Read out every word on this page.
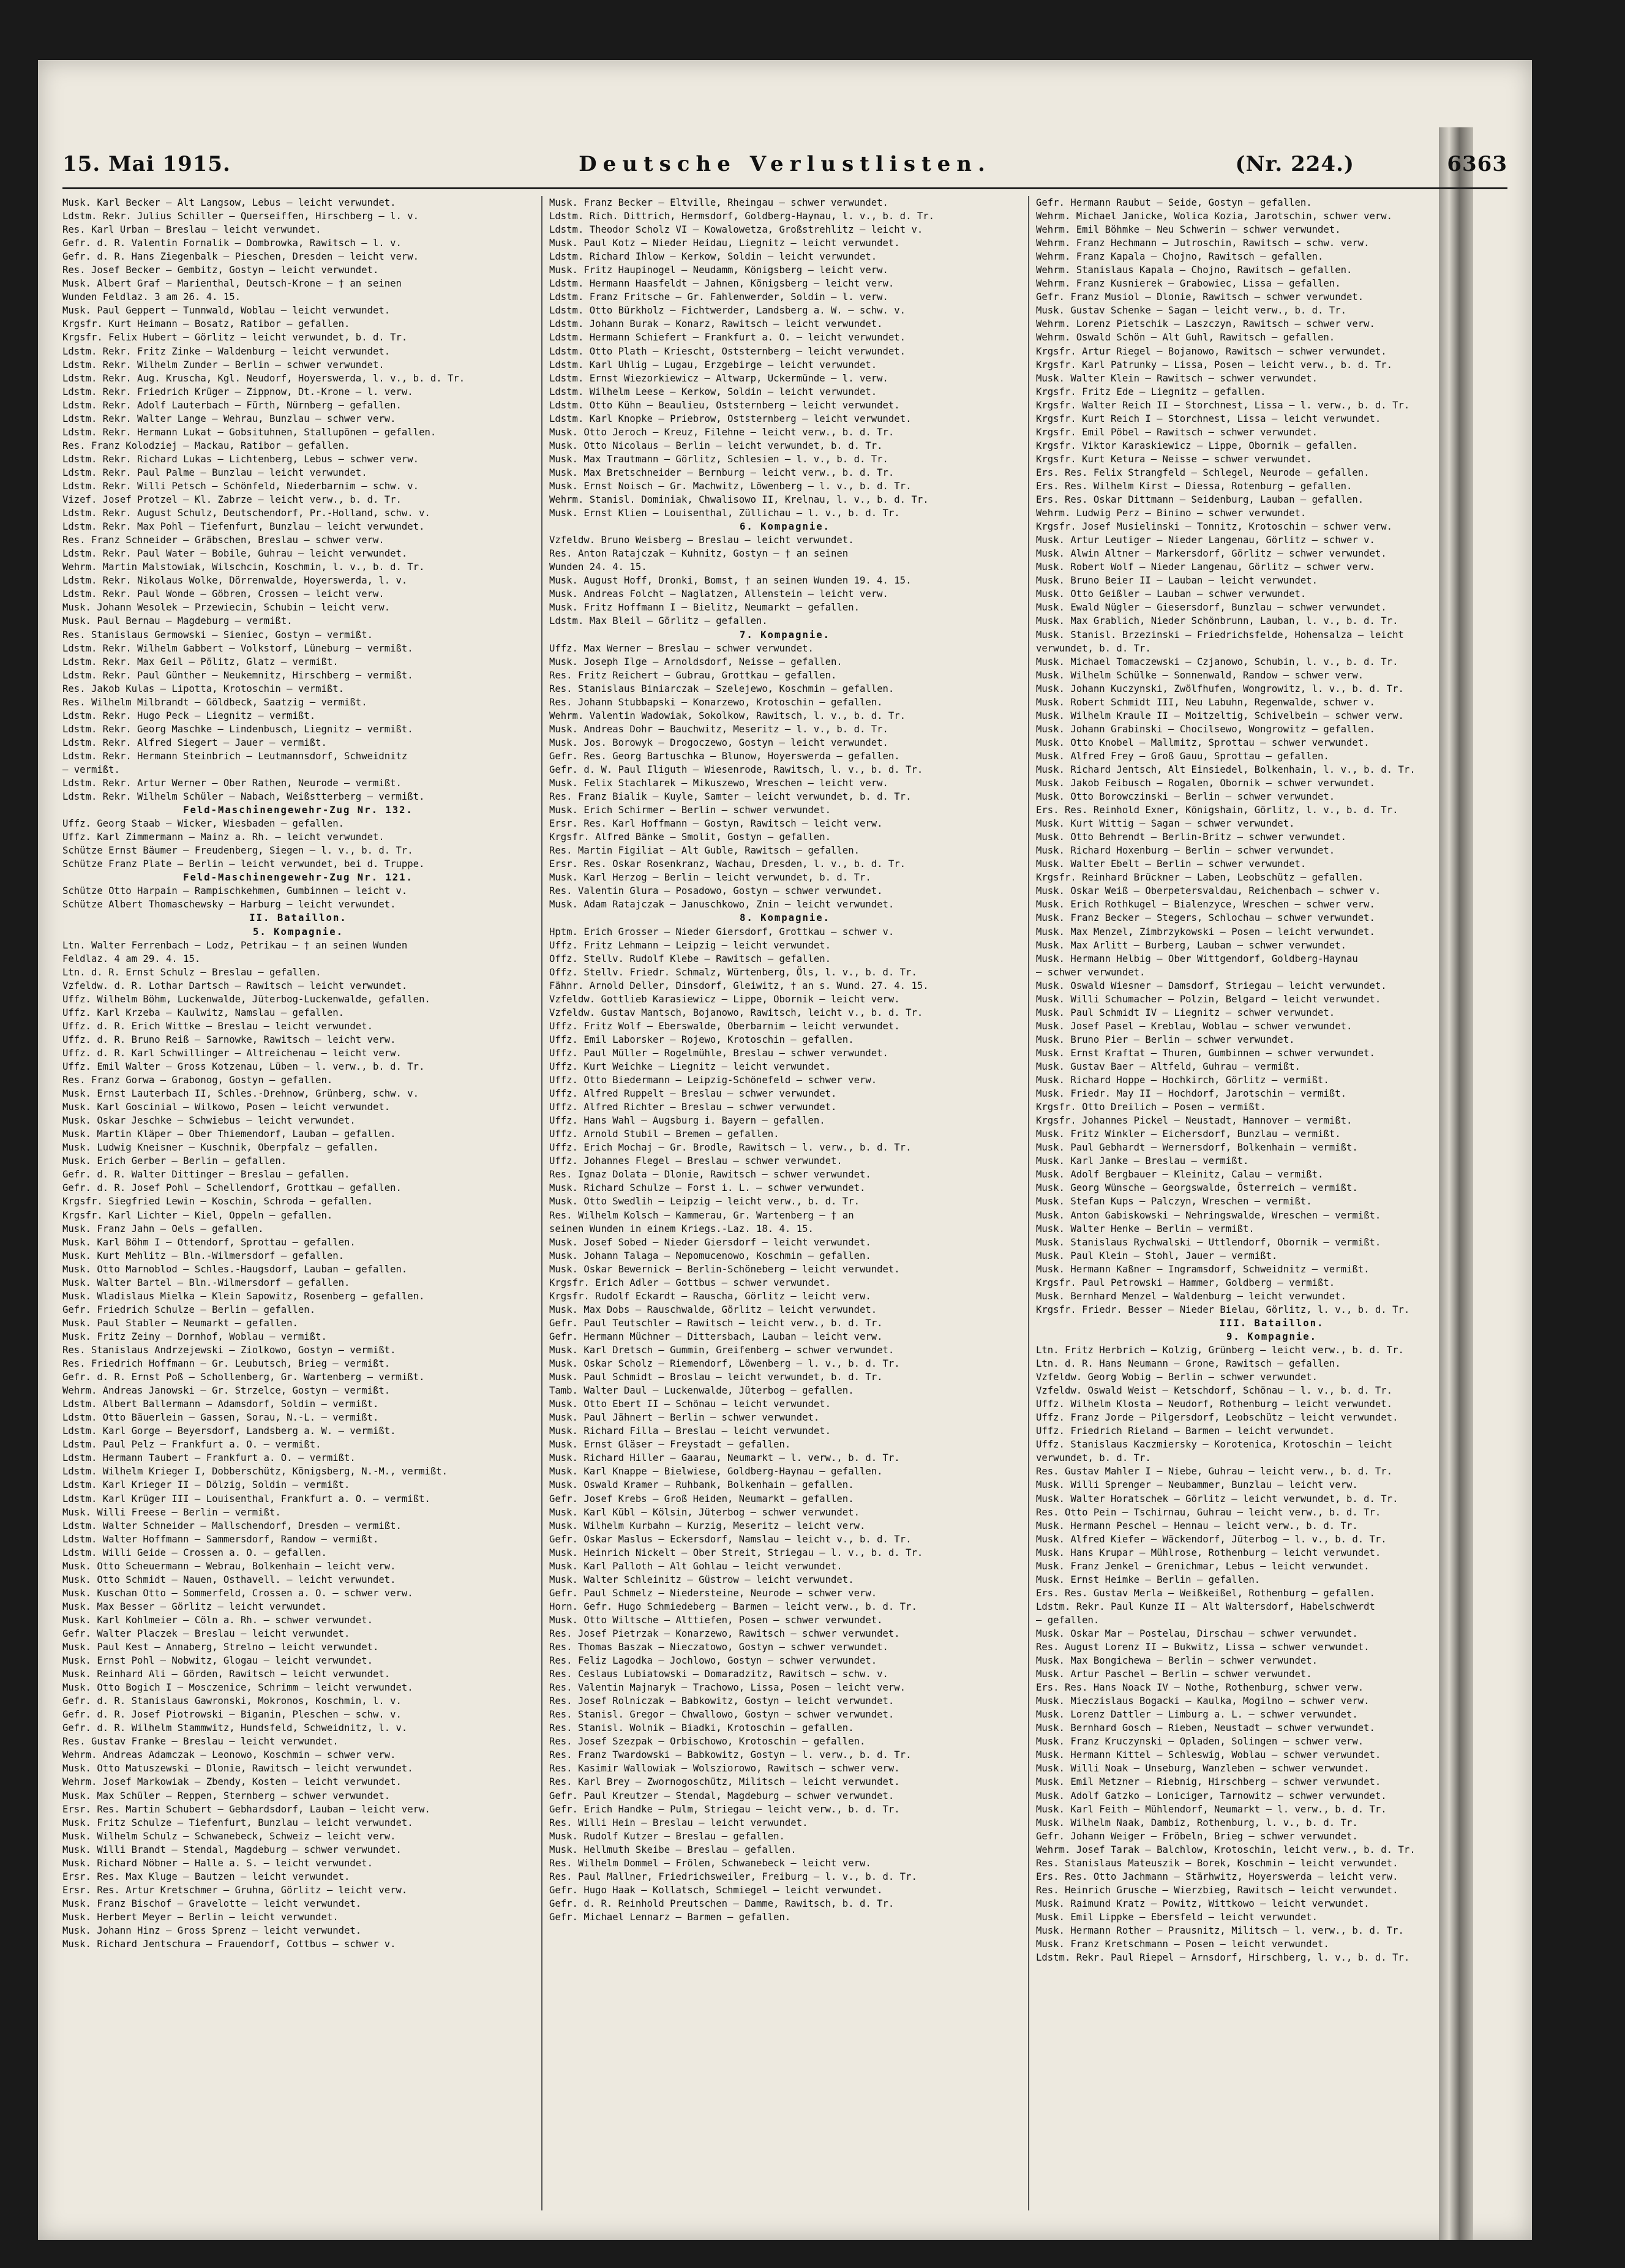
15. Mai 1915.	Deutsche Verlustlisten.	(Nr. 224.)	6363
Musk. Karl Becker — Alt Langsow, Lebus — leicht verwundet.
Ldstm. Rekr. Julius Schiller — Querseiffen, Hirschberg — l. v.
Res. Karl Urban — Breslau — leicht verwundet.
Gefr. d. R. Valentin Fornalik — Dombrowka, Rawitsch — l. v.
Gefr. d. R. Hans Ziegenbalk — Pieschen, Dresden — leicht verw.
Res. Josef Becker — Gembitz, Gostyn — leicht verwundet.
Musk. Albert Graf — Marienthal, Deutsch-Krone — † an seinen
Wunden Feldlaz. 3 am 26. 4. 15.
Musk. Paul Geppert — Tunnwald, Woblau — leicht verwundet.
Krgsfr. Kurt Heimann — Bosatz, Ratibor — gefallen.
Krgsfr. Felix Hubert — Görlitz — leicht verwundet, b. d. Tr.
Ldstm. Rekr. Fritz Zinke — Waldenburg — leicht verwundet.
Ldstm. Rekr. Wilhelm Zunder — Berlin — schwer verwundet.
Ldstm. Rekr. Aug. Kruscha, Kgl. Neudorf, Hoyerswerda, l. v., b. d. Tr.
Ldstm. Rekr. Friedrich Krüger — Zippnow, Dt.-Krone — l. verw.
Ldstm. Rekr. Adolf Lauterbach — Fürth, Nürnberg — gefallen.
Ldstm. Rekr. Walter Lange — Wehrau, Bunzlau — schwer verw.
Ldstm. Rekr. Hermann Lukat — Gobsituhnen, Stallupönen — gefallen.
Res. Franz Kolodziej — Mackau, Ratibor — gefallen.
Ldstm. Rekr. Richard Lukas — Lichtenberg, Lebus — schwer verw.
Ldstm. Rekr. Paul Palme — Bunzlau — leicht verwundet.
Ldstm. Rekr. Willi Petsch — Schönfeld, Niederbarnim — schw. v.
Vizef. Josef Protzel — Kl. Zabrze — leicht verw., b. d. Tr.
Ldstm. Rekr. August Schulz, Deutschendorf, Pr.-Holland, schw. v.
Ldstm. Rekr. Max Pohl — Tiefenfurt, Bunzlau — leicht verwundet.
Res. Franz Schneider — Gräbschen, Breslau — schwer verw.
Ldstm. Rekr. Paul Water — Bobile, Guhrau — leicht verwundet.
Wehrm. Martin Malstowiak, Wilschcin, Koschmin, l. v., b. d. Tr.
Ldstm. Rekr. Nikolaus Wolke, Dörrenwalde, Hoyerswerda, l. v.
Ldstm. Rekr. Paul Wonde — Göbren, Crossen — leicht verw.
Musk. Johann Wesolek — Przewiecin, Schubin — leicht verw.
Musk. Paul Bernau — Magdeburg — vermißt.
Res. Stanislaus Germowski — Sieniec, Gostyn — vermißt.
Ldstm. Rekr. Wilhelm Gabbert — Volkstorf, Lüneburg — vermißt.
Ldstm. Rekr. Max Geil — Pölitz, Glatz — vermißt.
Ldstm. Rekr. Paul Günther — Neukemnitz, Hirschberg — vermißt.
Res. Jakob Kulas — Lipotta, Krotoschin — vermißt.
Res. Wilhelm Milbrandt — Göldbeck, Saatzig — vermißt.
Ldstm. Rekr. Hugo Peck — Liegnitz — vermißt.
Ldstm. Rekr. Georg Maschke — Lindenbusch, Liegnitz — vermißt.
Ldstm. Rekr. Alfred Siegert — Jauer — vermißt.
Ldstm. Rekr. Hermann Steinbrich — Leutmannsdorf, Schweidnitz
— vermißt.
Ldstm. Rekr. Artur Werner — Ober Rathen, Neurode — vermißt.
Ldstm. Rekr. Wilhelm Schüler — Nabach, Weißstterberg — vermißt.
Feld-Maschinengewehr-Zug Nr. 132.
Uffz. Georg Staab — Wicker, Wiesbaden — gefallen.
Uffz. Karl Zimmermann — Mainz a. Rh. — leicht verwundet.
Schütze Ernst Bäumer — Freudenberg, Siegen — l. v., b. d. Tr.
Schütze Franz Plate — Berlin — leicht verwundet, bei d. Truppe.
Feld-Maschinengewehr-Zug Nr. 121.
Schütze Otto Harpain — Rampischkehmen, Gumbinnen — leicht v.
Schütze Albert Thomaschewsky — Harburg — leicht verwundet.
II. Bataillon.
5. Kompagnie.
Ltn. Walter Ferrenbach — Lodz, Petrikau — † an seinen Wunden
Feldlaz. 4 am 29. 4. 15.
Ltn. d. R. Ernst Schulz — Breslau — gefallen.
Vzfeldw. d. R. Lothar Dartsch — Rawitsch — leicht verwundet.
Uffz. Wilhelm Böhm, Luckenwalde, Jüterbog-Luckenwalde, gefallen.
Uffz. Karl Krzeba — Kaulwitz, Namslau — gefallen.
Uffz. d. R. Erich Wittke — Breslau — leicht verwundet.
Uffz. d. R. Bruno Reiß — Sarnowke, Rawitsch — leicht verw.
Uffz. d. R. Karl Schwillinger — Altreichenau — leicht verw.
Uffz. Emil Walter — Gross Kotzenau, Lüben — l. verw., b. d. Tr.
Res. Franz Gorwa — Grabonog, Gostyn — gefallen.
Musk. Ernst Lauterbach II, Schles.-Drehnow, Grünberg, schw. v.
Musk. Karl Goscinial — Wilkowo, Posen — leicht verwundet.
Musk. Oskar Jeschke — Schwiebus — leicht verwundet.
Musk. Martin Kläper — Ober Thiemendorf, Lauban — gefallen.
Musk. Ludwig Kneisner — Kuschnik, Oberpfalz — gefallen.
Musk. Erich Gerber — Berlin — gefallen.
Gefr. d. R. Walter Dittinger — Breslau — gefallen.
Gefr. d. R. Josef Pohl — Schellendorf, Grottkau — gefallen.
Krgsfr. Siegfried Lewin — Koschin, Schroda — gefallen.
Krgsfr. Karl Lichter — Kiel, Oppeln — gefallen.
Musk. Franz Jahn — Oels — gefallen.
Musk. Karl Böhm I — Ottendorf, Sprottau — gefallen.
Musk. Kurt Mehlitz — Bln.-Wilmersdorf — gefallen.
Musk. Otto Marnoblod — Schles.-Haugsdorf, Lauban — gefallen.
Musk. Walter Bartel — Bln.-Wilmersdorf — gefallen.
Musk. Wladislaus Mielka — Klein Sapowitz, Rosenberg — gefallen.
Gefr. Friedrich Schulze — Berlin — gefallen.
Musk. Paul Stabler — Neumarkt — gefallen.
Musk. Fritz Zeiny — Dornhof, Woblau — vermißt.
Res. Stanislaus Andrzejewski — Ziolkowo, Gostyn — vermißt.
Res. Friedrich Hoffmann — Gr. Leubutsch, Brieg — vermißt.
Gefr. d. R. Ernst Poß — Schollenberg, Gr. Wartenberg — vermißt.
Wehrm. Andreas Janowski — Gr. Strzelce, Gostyn — vermißt.
Ldstm. Albert Ballermann — Adamsdorf, Soldin — vermißt.
Ldstm. Otto Bäuerlein — Gassen, Sorau, N.-L. — vermißt.
Ldstm. Karl Gorge — Beyersdorf, Landsberg a. W. — vermißt.
Ldstm. Paul Pelz — Frankfurt a. O. — vermißt.
Ldstm. Hermann Taubert — Frankfurt a. O. — vermißt.
Ldstm. Wilhelm Krieger I, Dobberschütz, Königsberg, N.-M., vermißt.
Ldstm. Karl Krieger II — Dölzig, Soldin — vermißt.
Ldstm. Karl Krüger III — Louisenthal, Frankfurt a. O. — vermißt.
Musk. Willi Freese — Berlin — vermißt.
Ldstm. Walter Schneider — Mallschendorf, Dresden — vermißt.
Ldstm. Walter Hoffmann — Sammersdorf, Randow — vermißt.
Ldstm. Willi Geide — Crossen a. O. — gefallen.
Musk. Otto Scheuermann — Webrau, Bolkenhain — leicht verw.
Musk. Otto Schmidt — Nauen, Osthavell. — leicht verwundet.
Musk. Kuschan Otto — Sommerfeld, Crossen a. O. — schwer verw.
Musk. Max Besser — Görlitz — leicht verwundet.
Musk. Karl Kohlmeier — Cöln a. Rh. — schwer verwundet.
Gefr. Walter Placzek — Breslau — leicht verwundet.
Musk. Paul Kest — Annaberg, Strelno — leicht verwundet.
Musk. Ernst Pohl — Nobwitz, Glogau — leicht verwundet.
Musk. Reinhard Ali — Görden, Rawitsch — leicht verwundet.
Musk. Otto Bogich I — Mosczenice, Schrimm — leicht verwundet.
Gefr. d. R. Stanislaus Gawronski, Mokronos, Koschmin, l. v.
Gefr. d. R. Josef Piotrowski — Biganin, Pleschen — schw. v.
Gefr. d. R. Wilhelm Stammwitz, Hundsfeld, Schweidnitz, l. v.
Res. Gustav Franke — Breslau — leicht verwundet.
Wehrm. Andreas Adamczak — Leonowo, Koschmin — schwer verw.
Musk. Otto Matuszewski — Dlonie, Rawitsch — leicht verwundet.
Wehrm. Josef Markowiak — Zbendy, Kosten — leicht verwundet.
Musk. Max Schüler — Reppen, Sternberg — schwer verwundet.
Ersr. Res. Martin Schubert — Gebhardsdorf, Lauban — leicht verw.
Musk. Fritz Schulze — Tiefenfurt, Bunzlau — leicht verwundet.
Musk. Wilhelm Schulz — Schwanebeck, Schweiz — leicht verw.
Musk. Willi Brandt — Stendal, Magdeburg — schwer verwundet.
Musk. Richard Nöbner — Halle a. S. — leicht verwundet.
Ersr. Res. Max Kluge — Bautzen — leicht verwundet.
Ersr. Res. Artur Kretschmer — Gruhna, Görlitz — leicht verw.
Musk. Franz Bischof — Gravelotte — leicht verwundet.
Musk. Herbert Meyer — Berlin — leicht verwundet.
Musk. Johann Hinz — Gross Sprenz — leicht verwundet.
Musk. Richard Jentschura — Frauendorf, Cottbus — schwer v.
Musk. Franz Becker — Eltville, Rheingau — schwer verwundet.
Ldstm. Rich. Dittrich, Hermsdorf, Goldberg-Haynau, l. v., b. d. Tr.
Ldstm. Theodor Scholz VI — Kowalowetza, Großstrehlitz — leicht v.
Musk. Paul Kotz — Nieder Heidau, Liegnitz — leicht verwundet.
Ldstm. Richard Ihlow — Kerkow, Soldin — leicht verwundet.
Musk. Fritz Haupinogel — Neudamm, Königsberg — leicht verw.
Ldstm. Hermann Haasfeldt — Jahnen, Königsberg — leicht verw.
Ldstm. Franz Fritsche — Gr. Fahlenwerder, Soldin — l. verw.
Ldstm. Otto Bürkholz — Fichtwerder, Landsberg a. W. — schw. v.
Ldstm. Johann Burak — Konarz, Rawitsch — leicht verwundet.
Ldstm. Hermann Schiefert — Frankfurt a. O. — leicht verwundet.
Ldstm. Otto Plath — Kriescht, Oststernberg — leicht verwundet.
Ldstm. Karl Uhlig — Lugau, Erzgebirge — leicht verwundet.
Ldstm. Ernst Wiezorkiewicz — Altwarp, Uckermünde — l. verw.
Ldstm. Wilhelm Leese — Kerkow, Soldin — leicht verwundet.
Ldstm. Otto Kühn — Beaulieu, Oststernberg — leicht verwundet.
Ldstm. Karl Knopke — Priebrow, Oststernberg — leicht verwundet.
Musk. Otto Jeroch — Kreuz, Filehne — leicht verw., b. d. Tr.
Musk. Otto Nicolaus — Berlin — leicht verwundet, b. d. Tr.
Musk. Max Trautmann — Görlitz, Schlesien — l. v., b. d. Tr.
Musk. Max Bretschneider — Bernburg — leicht verw., b. d. Tr.
Musk. Ernst Noisch — Gr. Machwitz, Löwenberg — l. v., b. d. Tr.
Wehrm. Stanisl. Dominiak, Chwalisowo II, Krelnau, l. v., b. d. Tr.
Musk. Ernst Klien — Louisenthal, Züllichau — l. v., b. d. Tr.
6. Kompagnie.
Vzfeldw. Bruno Weisberg — Breslau — leicht verwundet.
Res. Anton Ratajczak — Kuhnitz, Gostyn — † an seinen
Wunden 24. 4. 15.
Musk. August Hoff, Dronki, Bomst, † an seinen Wunden 19. 4. 15.
Musk. Andreas Folcht — Naglatzen, Allenstein — leicht verw.
Musk. Fritz Hoffmann I — Bielitz, Neumarkt — gefallen.
Ldstm. Max Bleil — Görlitz — gefallen.
7. Kompagnie.
Uffz. Max Werner — Breslau — schwer verwundet.
Musk. Joseph Ilge — Arnoldsdorf, Neisse — gefallen.
Res. Fritz Reichert — Gubrau, Grottkau — gefallen.
Res. Stanislaus Biniarczak — Szelejewo, Koschmin — gefallen.
Res. Johann Stubbapski — Konarzewo, Krotoschin — gefallen.
Wehrm. Valentin Wadowiak, Sokolkow, Rawitsch, l. v., b. d. Tr.
Musk. Andreas Dohr — Bauchwitz, Meseritz — l. v., b. d. Tr.
Musk. Jos. Borowyk — Drogoczewo, Gostyn — leicht verwundet.
Gefr. Res. Georg Bartuschka — Blunow, Hoyerswerda — gefallen.
Gefr. d. W. Paul Iliguth — Wiesenrode, Rawitsch, l. v., b. d. Tr.
Musk. Felix Stachlarek — Mikuszewo, Wreschen — leicht verw.
Res. Franz Bialik — Kuyle, Samter — leicht verwundet, b. d. Tr.
Musk. Erich Schirmer — Berlin — schwer verwundet.
Ersr. Res. Karl Hoffmann — Gostyn, Rawitsch — leicht verw.
Krgsfr. Alfred Bänke — Smolit, Gostyn — gefallen.
Res. Martin Figiliat — Alt Guble, Rawitsch — gefallen.
Ersr. Res. Oskar Rosenkranz, Wachau, Dresden, l. v., b. d. Tr.
Musk. Karl Herzog — Berlin — leicht verwundet, b. d. Tr.
Res. Valentin Glura — Posadowo, Gostyn — schwer verwundet.
Musk. Adam Ratajczak — Januschkowo, Znin — leicht verwundet.
8. Kompagnie.
Hptm. Erich Grosser — Nieder Giersdorf, Grottkau — schwer v.
Uffz. Fritz Lehmann — Leipzig — leicht verwundet.
Offz. Stellv. Rudolf Klebe — Rawitsch — gefallen.
Offz. Stellv. Friedr. Schmalz, Würtenberg, Öls, l. v., b. d. Tr.
Fähnr. Arnold Deller, Dinsdorf, Gleiwitz, † an s. Wund. 27. 4. 15.
Vzfeldw. Gottlieb Karasiewicz — Lippe, Obornik — leicht verw.
Vzfeldw. Gustav Mantsch, Bojanowo, Rawitsch, leicht v., b. d. Tr.
Uffz. Fritz Wolf — Eberswalde, Oberbarnim — leicht verwundet.
Uffz. Emil Laborsker — Rojewo, Krotoschin — gefallen.
Uffz. Paul Müller — Rogelmühle, Breslau — schwer verwundet.
Uffz. Kurt Weichke — Liegnitz — leicht verwundet.
Uffz. Otto Biedermann — Leipzig-Schönefeld — schwer verw.
Uffz. Alfred Ruppelt — Breslau — schwer verwundet.
Uffz. Alfred Richter — Breslau — schwer verwundet.
Uffz. Hans Wahl — Augsburg i. Bayern — gefallen.
Uffz. Arnold Stubil — Bremen — gefallen.
Uffz. Erich Mochaj — Gr. Brodle, Rawitsch — l. verw., b. d. Tr.
Uffz. Johannes Flegel — Breslau — schwer verwundet.
Res. Ignaz Dolata — Dlonie, Rawitsch — schwer verwundet.
Musk. Richard Schulze — Forst i. L. — schwer verwundet.
Musk. Otto Swedlih — Leipzig — leicht verw., b. d. Tr.
Res. Wilhelm Kolsch — Kammerau, Gr. Wartenberg — † an
seinen Wunden in einem Kriegs.-Laz. 18. 4. 15.
Musk. Josef Sobed — Nieder Giersdorf — leicht verwundet.
Musk. Johann Talaga — Nepomucenowo, Koschmin — gefallen.
Musk. Oskar Bewernick — Berlin-Schöneberg — leicht verwundet.
Krgsfr. Erich Adler — Gottbus — schwer verwundet.
Krgsfr. Rudolf Eckardt — Rauscha, Görlitz — leicht verw.
Musk. Max Dobs — Rauschwalde, Görlitz — leicht verwundet.
Gefr. Paul Teutschler — Rawitsch — leicht verw., b. d. Tr.
Gefr. Hermann Müchner — Dittersbach, Lauban — leicht verw.
Musk. Karl Dretsch — Gummin, Greifenberg — schwer verwundet.
Musk. Oskar Scholz — Riemendorf, Löwenberg — l. v., b. d. Tr.
Musk. Paul Schmidt — Broslau — leicht verwundet, b. d. Tr.
Tamb. Walter Daul — Luckenwalde, Jüterbog — gefallen.
Musk. Otto Ebert II — Schönau — leicht verwundet.
Musk. Paul Jähnert — Berlin — schwer verwundet.
Musk. Richard Filla — Breslau — leicht verwundet.
Musk. Ernst Gläser — Freystadt — gefallen.
Musk. Richard Hiller — Gaarau, Neumarkt — l. verw., b. d. Tr.
Musk. Karl Knappe — Bielwiese, Goldberg-Haynau — gefallen.
Musk. Oswald Kramer — Ruhbank, Bolkenhain — gefallen.
Gefr. Josef Krebs — Groß Heiden, Neumarkt — gefallen.
Musk. Karl Kübl — Kölsin, Jüterbog — schwer verwundet.
Musk. Wilhelm Kurbahn — Kurzig, Meseritz — leicht verw.
Gefr. Oskar Maslus — Eckersdorf, Namslau — leicht v., b. d. Tr.
Musk. Heinrich Nickelt — Ober Streit, Striegau — l. v., b. d. Tr.
Musk. Karl Palloth — Alt Gohlau — leicht verwundet.
Musk. Walter Schleinitz — Güstrow — leicht verwundet.
Gefr. Paul Schmelz — Niedersteine, Neurode — schwer verw.
Horn. Gefr. Hugo Schmiedeberg — Barmen — leicht verw., b. d. Tr.
Musk. Otto Wiltsche — Alttiefen, Posen — schwer verwundet.
Res. Josef Pietrzak — Konarzewo, Rawitsch — schwer verwundet.
Res. Thomas Baszak — Nieczatowo, Gostyn — schwer verwundet.
Res. Feliz Lagodka — Jochlowo, Gostyn — schwer verwundet.
Res. Ceslaus Lubiatowski — Domaradzitz, Rawitsch — schw. v.
Res. Valentin Majnaryk — Trachowo, Lissa, Posen — leicht verw.
Res. Josef Rolniczak — Babkowitz, Gostyn — leicht verwundet.
Res. Stanisl. Gregor — Chwallowo, Gostyn — schwer verwundet.
Res. Stanisl. Wolnik — Biadki, Krotoschin — gefallen.
Res. Josef Szezpak — Orbischowo, Krotoschin — gefallen.
Res. Franz Twardowski — Babkowitz, Gostyn — l. verw., b. d. Tr.
Res. Kasimir Wallowiak — Wolsziorowo, Rawitsch — schwer verw.
Res. Karl Brey — Zwornogoschütz, Militsch — leicht verwundet.
Gefr. Paul Kreutzer — Stendal, Magdeburg — schwer verwundet.
Gefr. Erich Handke — Pulm, Striegau — leicht verw., b. d. Tr.
Res. Willi Hein — Breslau — leicht verwundet.
Musk. Rudolf Kutzer — Breslau — gefallen.
Musk. Hellmuth Skeibe — Breslau — gefallen.
Res. Wilhelm Dommel — Frölen, Schwanebeck — leicht verw.
Res. Paul Mallner, Friedrichsweiler, Freiburg — l. v., b. d. Tr.
Gefr. Hugo Haak — Kollatsch, Schmiegel — leicht verwundet.
Gefr. d. R. Reinhold Preutschen — Damme, Rawitsch, b. d. Tr.
Gefr. Michael Lennarz — Barmen — gefallen.
Gefr. Hermann Raubut — Seide, Gostyn — gefallen.
Wehrm. Michael Janicke, Wolica Kozia, Jarotschin, schwer verw.
Wehrm. Emil Böhmke — Neu Schwerin — schwer verwundet.
Wehrm. Franz Hechmann — Jutroschin, Rawitsch — schw. verw.
Wehrm. Franz Kapala — Chojno, Rawitsch — gefallen.
Wehrm. Stanislaus Kapala — Chojno, Rawitsch — gefallen.
Wehrm. Franz Kusnierek — Grabowiec, Lissa — gefallen.
Gefr. Franz Musiol — Dlonie, Rawitsch — schwer verwundet.
Musk. Gustav Schenke — Sagan — leicht verw., b. d. Tr.
Wehrm. Lorenz Pietschik — Laszczyn, Rawitsch — schwer verw.
Wehrm. Oswald Schön — Alt Guhl, Rawitsch — gefallen.
Krgsfr. Artur Riegel — Bojanowo, Rawitsch — schwer verwundet.
Krgsfr. Karl Patrunky — Lissa, Posen — leicht verw., b. d. Tr.
Musk. Walter Klein — Rawitsch — schwer verwundet.
Krgsfr. Fritz Ede — Liegnitz — gefallen.
Krgsfr. Walter Reich II — Storchnest, Lissa — l. verw., b. d. Tr.
Krgsfr. Kurt Reich I — Storchnest, Lissa — leicht verwundet.
Krgsfr. Emil Pöbel — Rawitsch — schwer verwundet.
Krgsfr. Viktor Karaskiewicz — Lippe, Obornik — gefallen.
Krgsfr. Kurt Ketura — Neisse — schwer verwundet.
Ers. Res. Felix Strangfeld — Schlegel, Neurode — gefallen.
Ers. Res. Wilhelm Kirst — Diessa, Rotenburg — gefallen.
Ers. Res. Oskar Dittmann — Seidenburg, Lauban — gefallen.
Wehrm. Ludwig Perz — Binino — schwer verwundet.
Krgsfr. Josef Musielinski — Tonnitz, Krotoschin — schwer verw.
Musk. Artur Leutiger — Nieder Langenau, Görlitz — schwer v.
Musk. Alwin Altner — Markersdorf, Görlitz — schwer verwundet.
Musk. Robert Wolf — Nieder Langenau, Görlitz — schwer verw.
Musk. Bruno Beier II — Lauban — leicht verwundet.
Musk. Otto Geißler — Lauban — schwer verwundet.
Musk. Ewald Nügler — Giesersdorf, Bunzlau — schwer verwundet.
Musk. Max Grablich, Nieder Schönbrunn, Lauban, l. v., b. d. Tr.
Musk. Stanisl. Brzezinski — Friedrichsfelde, Hohensalza — leicht
verwundet, b. d. Tr.
Musk. Michael Tomaczewski — Czjanowo, Schubin, l. v., b. d. Tr.
Musk. Wilhelm Schülke — Sonnenwald, Randow — schwer verw.
Musk. Johann Kuczynski, Zwölfhufen, Wongrowitz, l. v., b. d. Tr.
Musk. Robert Schmidt III, Neu Labuhn, Regenwalde, schwer v.
Musk. Wilhelm Kraule II — Moitzeltig, Schivelbein — schwer verw.
Musk. Johann Grabinski — Chocilsewo, Wongrowitz — gefallen.
Musk. Otto Knobel — Mallmitz, Sprottau — schwer verwundet.
Musk. Alfred Frey — Groß Gauu, Sprottau — gefallen.
Musk. Richard Jentsch, Alt Einsiedel, Bolkenhain, l. v., b. d. Tr.
Musk. Jakob Feibusch — Rogalen, Obornik — schwer verwundet.
Musk. Otto Borowczinski — Berlin — schwer verwundet.
Ers. Res. Reinhold Exner, Königshain, Görlitz, l. v., b. d. Tr.
Musk. Kurt Wittig — Sagan — schwer verwundet.
Musk. Otto Behrendt — Berlin-Britz — schwer verwundet.
Musk. Richard Hoxenburg — Berlin — schwer verwundet.
Musk. Walter Ebelt — Berlin — schwer verwundet.
Krgsfr. Reinhard Brückner — Laben, Leobschütz — gefallen.
Musk. Oskar Weiß — Oberpetersvaldau, Reichenbach — schwer v.
Musk. Erich Rothkugel — Bialenzyce, Wreschen — schwer verw.
Musk. Franz Becker — Stegers, Schlochau — schwer verwundet.
Musk. Max Menzel, Zimbrzykowski — Posen — leicht verwundet.
Musk. Max Arlitt — Burberg, Lauban — schwer verwundet.
Musk. Hermann Helbig — Ober Wittgendorf, Goldberg-Haynau
— schwer verwundet.
Musk. Oswald Wiesner — Damsdorf, Striegau — leicht verwundet.
Musk. Willi Schumacher — Polzin, Belgard — leicht verwundet.
Musk. Paul Schmidt IV — Liegnitz — schwer verwundet.
Musk. Josef Pasel — Kreblau, Woblau — schwer verwundet.
Musk. Bruno Pier — Berlin — schwer verwundet.
Musk. Ernst Kraftat — Thuren, Gumbinnen — schwer verwundet.
Musk. Gustav Baer — Altfeld, Guhrau — vermißt.
Musk. Richard Hoppe — Hochkirch, Görlitz — vermißt.
Musk. Friedr. May II — Hochdorf, Jarotschin — vermißt.
Krgsfr. Otto Dreilich — Posen — vermißt.
Krgsfr. Johannes Pickel — Neustadt, Hannover — vermißt.
Musk. Fritz Winkler — Eichersdorf, Bunzlau — vermißt.
Musk. Paul Gebhardt — Wernersdorf, Bolkenhain — vermißt.
Musk. Karl Janke — Breslau — vermißt.
Musk. Adolf Bergbauer — Kleinitz, Calau — vermißt.
Musk. Georg Wünsche — Georgswalde, Österreich — vermißt.
Musk. Stefan Kups — Palczyn, Wreschen — vermißt.
Musk. Anton Gabiskowski — Nehringswalde, Wreschen — vermißt.
Musk. Walter Henke — Berlin — vermißt.
Musk. Stanislaus Rychwalski — Uttlendorf, Obornik — vermißt.
Musk. Paul Klein — Stohl, Jauer — vermißt.
Musk. Hermann Kaßner — Ingramsdorf, Schweidnitz — vermißt.
Krgsfr. Paul Petrowski — Hammer, Goldberg — vermißt.
Musk. Bernhard Menzel — Waldenburg — leicht verwundet.
Krgsfr. Friedr. Besser — Nieder Bielau, Görlitz, l. v., b. d. Tr.
III. Bataillon.
9. Kompagnie.
Ltn. Fritz Herbrich — Kolzig, Grünberg — leicht verw., b. d. Tr.
Ltn. d. R. Hans Neumann — Grone, Rawitsch — gefallen.
Vzfeldw. Georg Wobig — Berlin — schwer verwundet.
Vzfeldw. Oswald Weist — Ketschdorf, Schönau — l. v., b. d. Tr.
Uffz. Wilhelm Klosta — Neudorf, Rothenburg — leicht verwundet.
Uffz. Franz Jorde — Pilgersdorf, Leobschütz — leicht verwundet.
Uffz. Friedrich Rieland — Barmen — leicht verwundet.
Uffz. Stanislaus Kaczmiersky — Korotenica, Krotoschin — leicht
verwundet, b. d. Tr.
Res. Gustav Mahler I — Niebe, Guhrau — leicht verw., b. d. Tr.
Musk. Willi Sprenger — Neubammer, Bunzlau — leicht verw.
Musk. Walter Horatschek — Görlitz — leicht verwundet, b. d. Tr.
Res. Otto Pein — Tschirnau, Guhrau — leicht verw., b. d. Tr.
Musk. Hermann Peschel — Hennau — leicht verw., b. d. Tr.
Musk. Alfred Kiefer — Wäckendorf, Jüterbog — l. v., b. d. Tr.
Musk. Hans Krupar — Mühlrose, Rothenburg — leicht verwundet.
Musk. Franz Jenkel — Grenichmar, Lebus — leicht verwundet.
Musk. Ernst Heimke — Berlin — gefallen.
Ers. Res. Gustav Merla — Weißkeißel, Rothenburg — gefallen.
Ldstm. Rekr. Paul Kunze II — Alt Waltersdorf, Habelschwerdt
— gefallen.
Musk. Oskar Mar — Postelau, Dirschau — schwer verwundet.
Res. August Lorenz II — Bukwitz, Lissa — schwer verwundet.
Musk. Max Bongichewa — Berlin — schwer verwundet.
Musk. Artur Paschel — Berlin — schwer verwundet.
Ers. Res. Hans Noack IV — Nothe, Rothenburg, schwer verw.
Musk. Mieczislaus Bogacki — Kaulka, Mogilno — schwer verw.
Musk. Lorenz Dattler — Limburg a. L. — schwer verwundet.
Musk. Bernhard Gosch — Rieben, Neustadt — schwer verwundet.
Musk. Franz Kruczynski — Opladen, Solingen — schwer verw.
Musk. Hermann Kittel — Schleswig, Woblau — schwer verwundet.
Musk. Willi Noak — Unseburg, Wanzleben — schwer verwundet.
Musk. Emil Metzner — Riebnig, Hirschberg — schwer verwundet.
Musk. Adolf Gatzko — Loniciger, Tarnowitz — schwer verwundet.
Musk. Karl Feith — Mühlendorf, Neumarkt — l. verw., b. d. Tr.
Musk. Wilhelm Naak, Dambiz, Rothenburg, l. v., b. d. Tr.
Gefr. Johann Weiger — Fröbeln, Brieg — schwer verwundet.
Wehrm. Josef Tarak — Balchlow, Krotoschin, leicht verw., b. d. Tr.
Res. Stanislaus Mateuszik — Borek, Koschmin — leicht verwundet.
Ers. Res. Otto Jachmann — Stärhwitz, Hoyerswerda — leicht verw.
Res. Heinrich Grusche — Wierzbieg, Rawitsch — leicht verwundet.
Musk. Raimund Kratz — Powitz, Wittkowo — leicht verwundet.
Musk. Emil Lippke — Ebersfeld — leicht verwundet.
Musk. Hermann Rother — Prausnitz, Militsch — l. verw., b. d. Tr.
Musk. Franz Kretschmann — Posen — leicht verwundet.
Ldstm. Rekr. Paul Riepel — Arnsdorf, Hirschberg, l. v., b. d. Tr.
